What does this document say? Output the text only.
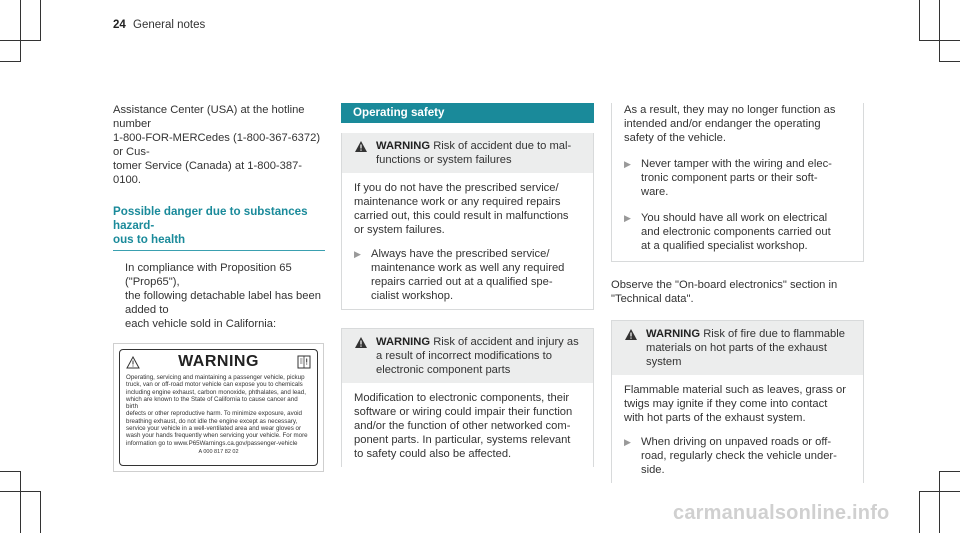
24 General notes
Assistance Center (USA) at the hotline number
1-800-FOR-MERCedes (1-800-367-6372) or Cus-
tomer Service (Canada) at 1-800-387-0100.
Possible danger due to substances hazard-
ous to health
In compliance with Proposition 65 ("Prop65"),
the following detachable label has been added to
each vehicle sold in California:
WARNING
Operating, servicing and maintaining a passenger vehicle, pickup
truck, van or off-road motor vehicle can expose you to chemicals
including engine exhaust, carbon monoxide, phthalates, and lead,
which are known to the State of California to cause cancer and birth
defects or other reproductive harm. To minimize exposure, avoid
breathing exhaust, do not idle the engine except as necessary,
service your vehicle in a well-ventilated area and wear gloves or
wash your hands frequently when servicing your vehicle. For more
information go to www.P65Warnings.ca.gov/passenger-vehicle
A 000 817 82 02
Operating safety
WARNING Risk of accident due to mal-
functions or system failures
If you do not have the prescribed service/
maintenance work or any required repairs
carried out, this could result in malfunctions
or system failures.
▶ Always have the prescribed service/
maintenance work as well any required
repairs carried out at a qualified spe-
cialist workshop.
WARNING Risk of accident and injury as
a result of incorrect modifications to
electronic component parts
Modification to electronic components, their
software or wiring could impair their function
and/or the function of other networked com-
ponent parts. In particular, systems relevant
to safety could also be affected.
As a result, they may no longer function as
intended and/or endanger the operating
safety of the vehicle.
▶ Never tamper with the wiring and elec-
tronic component parts or their soft-
ware.
▶ You should have all work on electrical
and electronic components carried out
at a qualified specialist workshop.
Observe the "On-board electronics" section in
"Technical data".
WARNING Risk of fire due to flammable
materials on hot parts of the exhaust
system
Flammable material such as leaves, grass or
twigs may ignite if they come into contact
with hot parts of the exhaust system.
▶ When driving on unpaved roads or off-
road, regularly check the vehicle under-
side.
carmanualsonline.info
